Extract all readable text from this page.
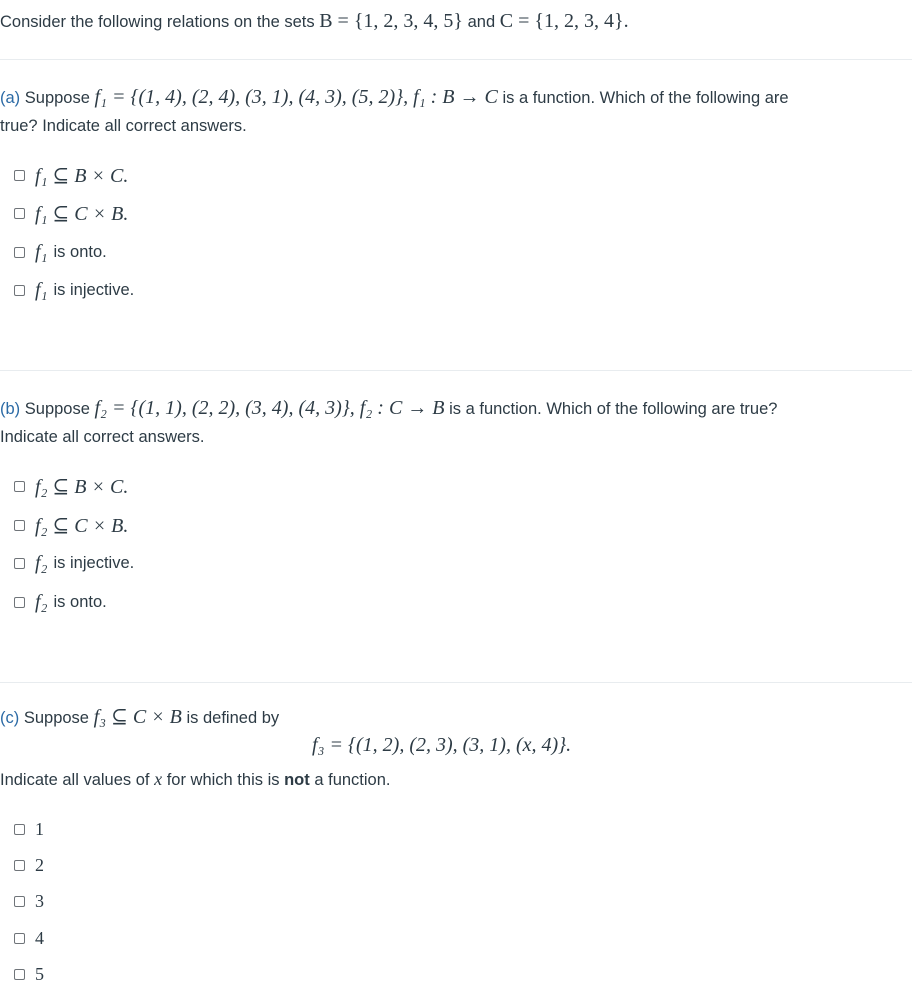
Consider the following relations on the sets B = {1, 2, 3, 4, 5} and C = {1, 2, 3, 4}.
(a) Suppose f₁ = {(1, 4), (2, 4), (3, 1), (4, 3), (5, 2)}, f₁ : B → C is a function. Which of the following are
true? Indicate all correct answers.
f₁ ⊆ B × C.
f₁ ⊆ C × B.
f₁ is onto.
f₁ is injective.
(b) Suppose f₂ = {(1, 1), (2, 2), (3, 4), (4, 3)}, f₂ : C → B is a function. Which of the following are true?
Indicate all correct answers.
f₂ ⊆ B × C.
f₂ ⊆ C × B.
f₂ is injective.
f₂ is onto.
(c) Suppose f₃ ⊆ C × B is defined by
f₃ = {(1, 2), (2, 3), (3, 1), (x, 4)}.
Indicate all values of x for which this is not a function.
1
2
3
4
5
